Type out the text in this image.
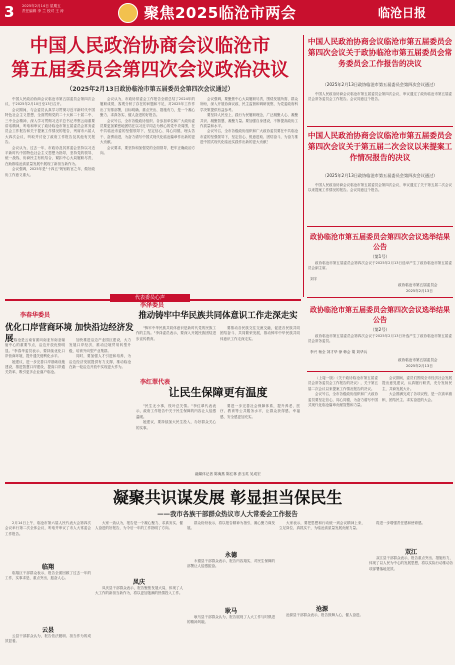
3 2025年2月14日 星期五
责任编辑 李 兰 校对 王 涛	聚焦2025临沧市两会	临沧日报
中国人民政治协商会议临沧市
第五届委员会第四次会议政治决议
（2025年2月13日政协临沧市第五届委员会第四次会议通过）

中国人民政治协商会议临沧市第五届委员会第四次会议，于2025年2月10日至13日召开。

会议期间，与会委员认真学习贯彻习近平新时代中国特色社会主义思想，全面贯彻党的二十大和二十届二中、三中全会精神，深入学习贯彻习近平总书记考察云南重要讲话精神，听取和审议了政协临沧市第五届委员会常务委员会工作报告和关于提案工作情况的报告，列席市六届人大四次会议，听取并讨论了政府工作报告及其他有关报告。

会议认为，过去一年，市政协及其常委会坚持以习近平新时代中国特色社会主义思想为指导，坚持党的领导、统一战线、协商民主有机结合，紧扣中心大局履职尽责，在助推临沧高质量发展中展现了新担当新作为。

会议强调，2025年是"十四五"规划收官之年，做好政协工作意义重大。

会议认为，市政协常委会工作报告全面总结了2024年的履职成绩，客观分析了存在的问题和不足，对2025年工作作出了安排部署，目标明确、重点突出、措施有力，是一个凝心聚力、求真务实、催人奋进的好报告。

会议号召，全市各级政协组织、各参加单位和广大政协委员要更加紧密地团结在以习近平同志为核心的党中央周围，在中共临沧市委的坚强领导下，坚定信心、同心同德，埋头苦干、奋勇前进，为奋力谱写中国式现代化临沧篇章作出新的更大贡献。

会议要求，要坚持和加强党的全面领导，把牢正确政治方向。

会议强调，要聚焦中心大局履职尽责，围绕发展所需、群众所盼，深入开展协商议政、民主监督和调研视察，为党委政府科学决策提供有益参考。

要坚持人民至上，践行为民履职理念，广泛凝聚人心、凝聚共识、凝聚智慧、凝聚力量。要加强自身建设，不断提高政协工作质量和水平。

会议号召，全市各级政协组织和广大政协委员要在中共临沧市委的坚强领导下，坚定信心、锐意进取、团结奋斗，为奋力推进中国式现代化临沧实践作出新的更大贡献！

中国人民政治协商会议临沧市第五届委员会第四次会议关于政协临沧市第五届委员会常务委员会工作报告的决议
（2025年2月13日政协临沧市第五届委员会第四次会议通过）

中国人民政治协商会议临沧市第五届委员会第四次会议，审议通过了政协临沧市第五届委员会常务委员会工作报告。会议同意这个报告。

中国人民政治协商会议临沧市第五届委员会第四次会议关于第五届二次会议以来提案工作情况报告的决议
（2025年2月13日政协临沧市第五届委员会第四次会议通过）

中国人民政治协商会议临沧市第五届委员会第四次会议，审议通过了关于第五届二次会议以来提案工作情况的报告。会议同意这个报告。

政协临沧市第五届委员会第四次会议选举结果公告
（第1号）

政协临沧市第五届委员会第四次会议于2025年2月13日选举产生了政协临沧市第五届委员会副主席。

刘宇
政协临沧市第五届委员会
2025年2月13日
政协临沧市第五届委员会第四次会议选举结果公告
（第2号）

政协临沧市第五届委员会第四次会议于2025年2月13日补选产生了政协临沧市第五届委员会常务委员。

李兴 杨全 刘才华 徐 韩会 胡 刘华兵
政协临沧市第五届委员会
2025年2月13日

（上接一版）《关于政协临沧市第五届委员会常务委员会工作报告的决议》，关于第五届二次会议以来提案工作情况报告的决议。

会议号召，全市各级政协组织和广大政协委员要坚定信心，同心同德，为奋力谱写中国式现代化临沧篇章贡献智慧和力量。

会议期间，委员们围绕全市经济社会发展提出意见建议，认真履行职责，充分发扬民主，共商发展大计。

大会圆满完成了各项议程，是一次高举旗帜、团结民主、求实奋进的大会。

代表委员心声
李春华委员
优化口岸营商环境 加快沿边经济发展

"临沧是云南省面向南亚东南亚辐射中心的重要节点，沿边开放优势明显。"李春华委员表示，要持续优化口岸营商环境，提升通关便利化水平。

她建议，进一步完善口岸基础设施建设，推进智慧口岸建设，提高口岸通关效率，吸引更多企业落户临沧。

加快推进沿边产业园区建设，大力发展口岸经济，推动边境贸易转型升级，培育外向型产业集群。

同时，要加强人才引进和培养，为沿边经济发展提供有力支撑，推动临沧在新一轮沿边开放中实现更大作为。

李泽委员
推动铸牢中华民族共同体意识工作走深走实

"铸牢中华民族共同体意识是新时代党的民族工作的主线。"李泽委员表示，要深入开展民族团结进步宣传教育。

要推动各民族交往交流交融，促进各民族共同团结奋斗、共同繁荣发展，推动铸牢中华民族共同体意识工作走深走实。

李红翠代表
让民生保障更有温度

"民生无小事，枝叶总关情。"李红翠代表表示，政府工作报告中关于民生保障的内容让人倍感温暖。

她建议，要持续加大民生投入，办好群众关心的实事。

要进一步完善社会保障体系，提升养老、医疗、教育等公共服务水平，让群众获得感、幸福感、安全感更加充实。

融媒体记者 陈淘燕 陈红林 彭玉英 吴成宏
凝聚共识谋发展 彰显担当保民生
——我市各族干部群众热议市人大常委会工作报告

2月14日上午，临沧市第六届人民代表大会第四次会议举行第二次全体会议，听取并审议了市人大常委会工作报告。

临翔

临翔区干部群众表示，报告全面回顾了过去一年的工作，实事求是、重点突出，振奋人心。

云县

云县干部群众认为，报告依法履职、担当作为的成效显著。

大家一致认为，报告是一个凝心聚力、求真务实、催人奋进的好报告，为今后一年的工作指明了方向。

凤庆

凤庆县干部群众表示，报告聚焦发展大局，体现了人大工作的新担当新作为，将以更加饱满的热情投入工作。

群众纷纷表示，将以报告精神为指引，凝心聚力谋发展。

永德

永德县干部群众表示，报告内容翔实，对民生保障的部署让人倍感振奋。

耿马

耿马县干部群众认为，报告展现了人大工作与时俱进的精神风貌。

大家表示，要把思想和行动统一到会议精神上来，立足岗位、真抓实干，为临沧高质量发展贡献力量。

沧源

沧源县干部群众表示，报告鼓舞人心，催人奋进。

将进一步增强责任感和使命感。

双江

双江县干部群众表示，报告重点突出、措施有力，体现了以人民为中心的发展思想，将以实际行动推动各项部署落地见效。
